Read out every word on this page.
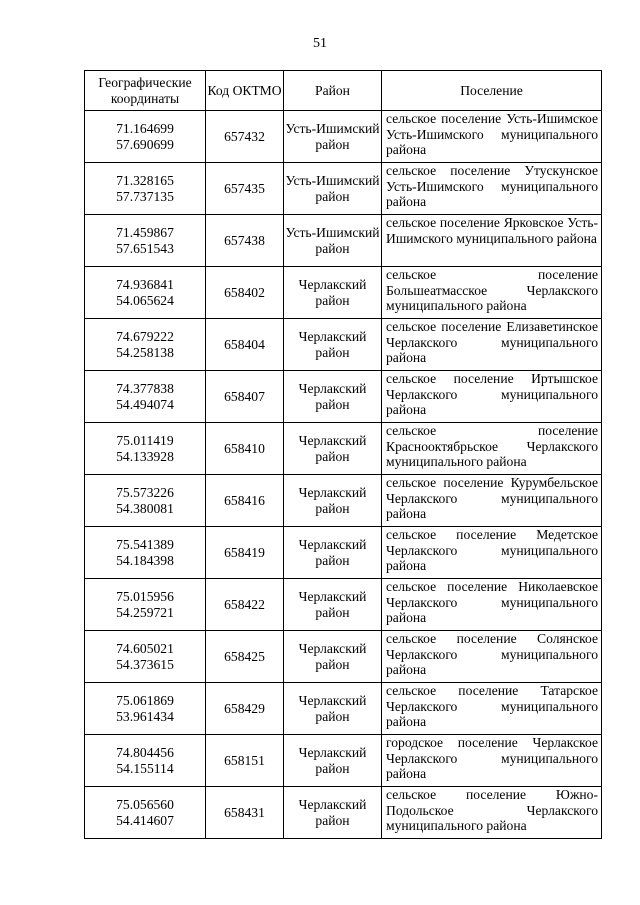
51
Географические координаты	Код ОКТМО	Район	Поселение

71.164699
57.690699	657432	Усть-Ишимский район	сельское поселение Усть-Ишимское Усть-Ишимского муниципального района

71.328165
57.737135	657435	Усть-Ишимский район	сельское поселение Утускунское Усть-Ишимского муниципального района

71.459867
57.651543	657438	Усть-Ишимский район	сельское поселение Ярковское Усть-Ишимского муниципального района

74.936841
54.065624	658402	Черлакский район	сельское поселение Большеатмасское Черлакского муниципального района

74.679222
54.258138	658404	Черлакский район	сельское поселение Елизаветинское Черлакского муниципального района

74.377838
54.494074	658407	Черлакский район	сельское поселение Иртышское Черлакского муниципального района

75.011419
54.133928	658410	Черлакский район	сельское поселение Краснооктябрьское Черлакского муниципального района

75.573226
54.380081	658416	Черлакский район	сельское поселение Курумбельское Черлакского муниципального района

75.541389
54.184398	658419	Черлакский район	сельское поселение Медетское Черлакского муниципального района

75.015956
54.259721	658422	Черлакский район	сельское поселение Николаевское Черлакского муниципального района

74.605021
54.373615	658425	Черлакский район	сельское поселение Солянское Черлакского муниципального района

75.061869
53.961434	658429	Черлакский район	сельское поселение Татарское Черлакского муниципального района

74.804456
54.155114	658151	Черлакский район	городское поселение Черлакское Черлакского муниципального района

75.056560
54.414607	658431	Черлакский район	сельское поселение Южно-Подольское Черлакского муниципального района
